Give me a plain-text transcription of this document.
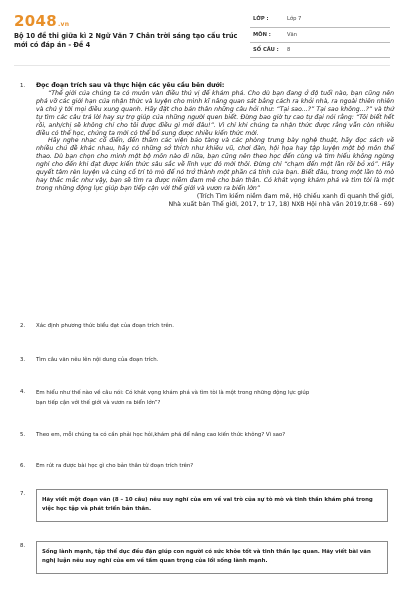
2048.vn
Bộ 10 đề thi giữa kì 2 Ngữ Văn 7 Chân trời sáng tạo cấu trúc mới có đáp án - Đề 4
LỚP :	Lớp 7
MÔN :	Văn
SỐ CÂU :	8
1. Đọc đoạn trích sau và thực hiện các yêu cầu bên dưới:

“Thế giới của chúng ta có muôn vàn điều thú vị để khám phá. Cho dù bạn đang ở độ tuổi nào, bạn cũng nên phá vỡ các giới hạn của nhận thức và luyện cho mình kĩ năng quan sát bằng cách ra khỏi nhà, ra ngoài thiên nhiên và chú ý tới mọi điều xung quanh. Hãy đặt cho bản thân những câu hỏi như: “Tại sao...?” Tại sao không...?” và thử tự tìm các câu trả lời hay sự trợ giúp của những người quen biết. Đừng bao giờ tự cao tự đại nói rằng: “Tôi biết hết rồi, anh/chị sẽ không chỉ cho tôi được điều gì mới đâu!”. Vì chỉ khi chúng ta nhận thức được rằng vẫn còn nhiều điều có thể học, chúng ta mới có thể bổ sung được nhiều kiến thức mới.

Hãy nghe nhạc cổ điển, đến thăm các viện bảo tàng và các phòng trưng bày nghệ thuật, hãy đọc sách về nhiều chủ đề khác nhau, hãy có những sở thích như khiêu vũ, chơi đàn, hội họa hay tập luyện một bộ môn thể thao. Dù bạn chọn cho mình một bộ môn nào đi nữa, bạn cũng nên theo học đến cùng và tìm hiểu không ngừng nghỉ cho đến khi đạt được kiến thức sâu sắc về lĩnh vực đó mới thôi. Đừng chỉ “chạm đến một lần rồi bỏ xó”. Hãy quyết tâm rèn luyện và củng cố trí tò mò để nó trở thành một phần cá tính của bạn. Biết đâu, trong một lần tò mò hay thắc mắc như vậy, bạn sẽ tìm ra được niềm đam mê cho bản thân. Có khát vọng khám phá và tìm tòi là một trong những động lực giúp bạn tiếp cận với thế giới và vươn ra biển lớn”

(Trích Tìm kiếm niềm đam mê, Hộ chiếu xanh đi quanh thế giới,
Nhà xuất bản Thế giới, 2017, tr 17, 18) NXB Hội nhà văn 2019,tr.68 - 69)
2. Xác định phương thức biểu đạt của đoạn trích trên.
3. Tìm câu văn nêu lên nội dung của đoạn trích.
4. Em hiểu như thế nào về câu nói: Có khát vọng khám phá và tìm tòi là một trong những động lực giúp bạn tiếp cận với thế giới và vươn ra biển lớn”?
5. Theo em, mỗi chúng ta có cần phải học hỏi,khám phá để nâng cao kiến thức không? Vì sao?
6. Em rút ra được bài học gì cho bản thân từ đoạn trích trên?
7.
Hãy viết một đoạn văn (8 – 10 câu) nêu suy nghĩ của em về vai trò của sự tò mò và tinh thần khám phá trong việc học tập và phát triển bản thân.
8.
Sống lành mạnh, tập thể dục đều đặn giúp con người có sức khỏe tốt và tinh thần lạc quan. Hãy viết bài văn nghị luận nêu suy nghĩ của em về tầm quan trọng của lối sống lành mạnh.
